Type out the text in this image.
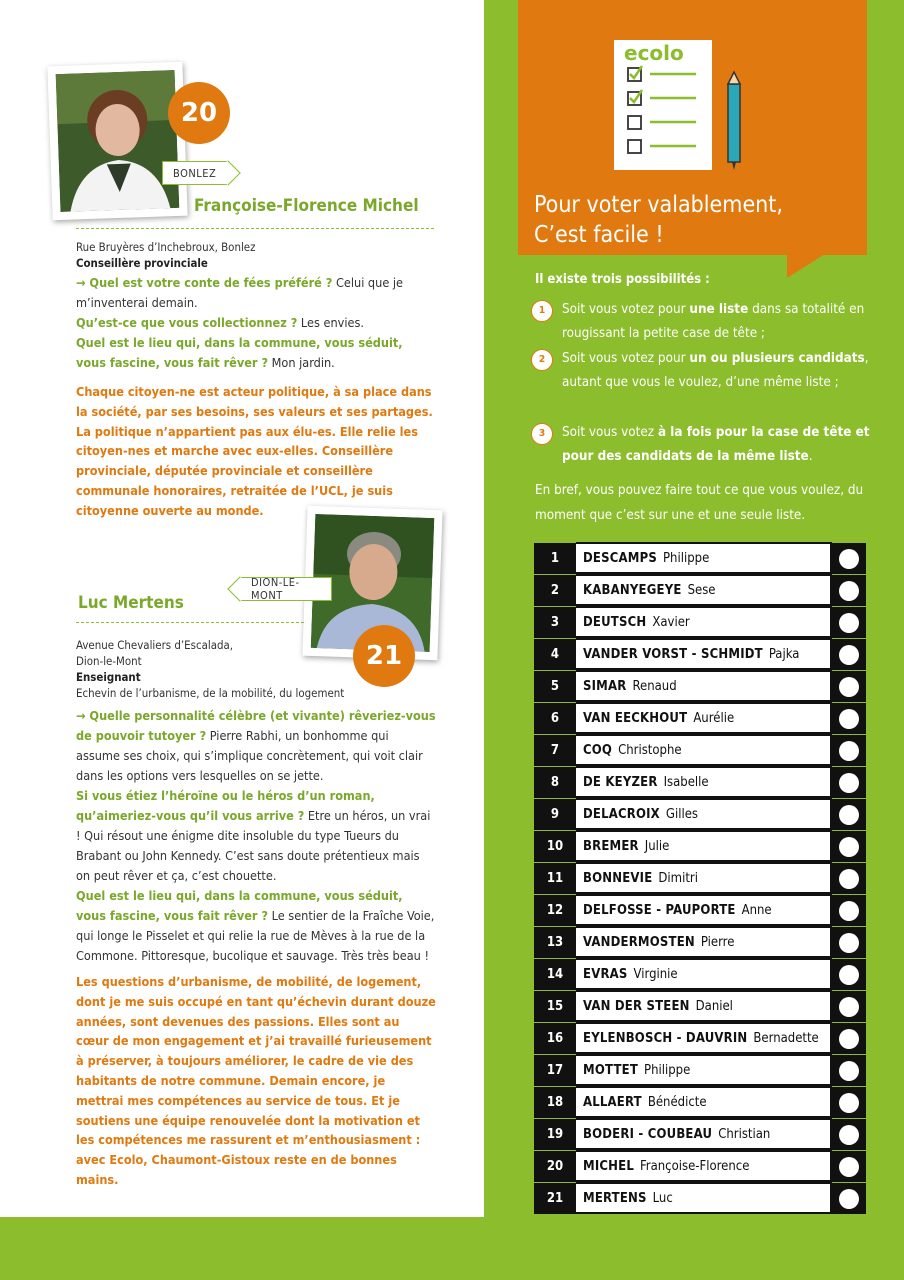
20
BONLEZ
Françoise-Florence Michel
Rue Bruyères d’Inchebroux, Bonlez
Conseillère provinciale
→ Quel est votre conte de fées préféré ? Celui que je m’inventerai demain.
Qu’est-ce que vous collectionnez ? Les envies.
Quel est le lieu qui, dans la commune, vous séduit, vous fascine, vous fait rêver ? Mon jardin.
Chaque citoyen-ne est acteur politique, à sa place dans la société, par ses besoins, ses valeurs et ses partages. La politique n’appartient pas aux élu-es. Elle relie les citoyen-nes et marche avec eux-elles. Conseillère provinciale, députée provinciale et conseillère communale honoraires, retraitée de l’UCL, je suis citoyenne ouverte au monde.
21
DION-LE-MONT
Luc Mertens
Avenue Chevaliers d’Escalada,
Dion-le-Mont
Enseignant
Echevin de l’urbanisme, de la mobilité, du logement
→ Quelle personnalité célèbre (et vivante) rêveriez-vous de pouvoir tutoyer ? Pierre Rabhi, un bonhomme qui assume ses choix, qui s’implique concrètement, qui voit clair dans les options vers lesquelles on se jette.
Si vous étiez l’héroïne ou le héros d’un roman, qu’aimeriez-vous qu’il vous arrive ? Etre un héros, un vrai ! Qui résout une énigme dite insoluble du type Tueurs du Brabant ou John Kennedy. C’est sans doute prétentieux mais on peut rêver et ça, c’est chouette.
Quel est le lieu qui, dans la commune, vous séduit, vous fascine, vous fait rêver ? Le sentier de la Fraîche Voie, qui longe le Pisselet et qui relie la rue de Mèves à la rue de la Commone. Pittoresque, bucolique et sauvage. Très très beau !
Les questions d’urbanisme, de mobilité, de logement, dont je me suis occupé en tant qu’échevin durant douze années, sont devenues des passions. Elles sont au cœur de mon engagement et j’ai travaillé furieusement à préserver, à toujours améliorer, le cadre de vie des habitants de notre commune. Demain encore, je mettrai mes compétences au service de tous. Et je soutiens une équipe renouvelée dont la motivation et les compétences me rassurent et m’enthousiasment : avec Ecolo, Chaumont-Gistoux reste en de bonnes mains.
ecolo
Pour voter valablement,
C’est facile !
Il existe trois possibilités :
1	Soit vous votez pour une liste dans sa totalité en rougissant la petite case de tête ;

2	Soit vous votez pour un ou plusieurs candidats, autant que vous le voulez, d’une même liste ;

3	Soit vous votez à la fois pour la case de tête et pour des candidats de la même liste.

En bref, vous pouvez faire tout ce que vous voulez, du moment que c’est sur une et une seule liste.
1	DESCAMPS Philippe
2	KABANYEGEYE Sese
3	DEUTSCH Xavier
4	VANDER VORST - SCHMIDT Pajka
5	SIMAR Renaud
6	VAN EECKHOUT Aurélie
7	COQ Christophe
8	DE KEYZER Isabelle
9	DELACROIX Gilles
10	BREMER Julie
11	BONNEVIE Dimitri
12	DELFOSSE - PAUPORTE Anne
13	VANDERMOSTEN Pierre
14	EVRAS Virginie
15	VAN DER STEEN Daniel
16	EYLENBOSCH - DAUVRIN Bernadette
17	MOTTET Philippe
18	ALLAERT Bénédicte
19	BODERI - COUBEAU Christian
20	MICHEL Françoise-Florence
21	MERTENS Luc
